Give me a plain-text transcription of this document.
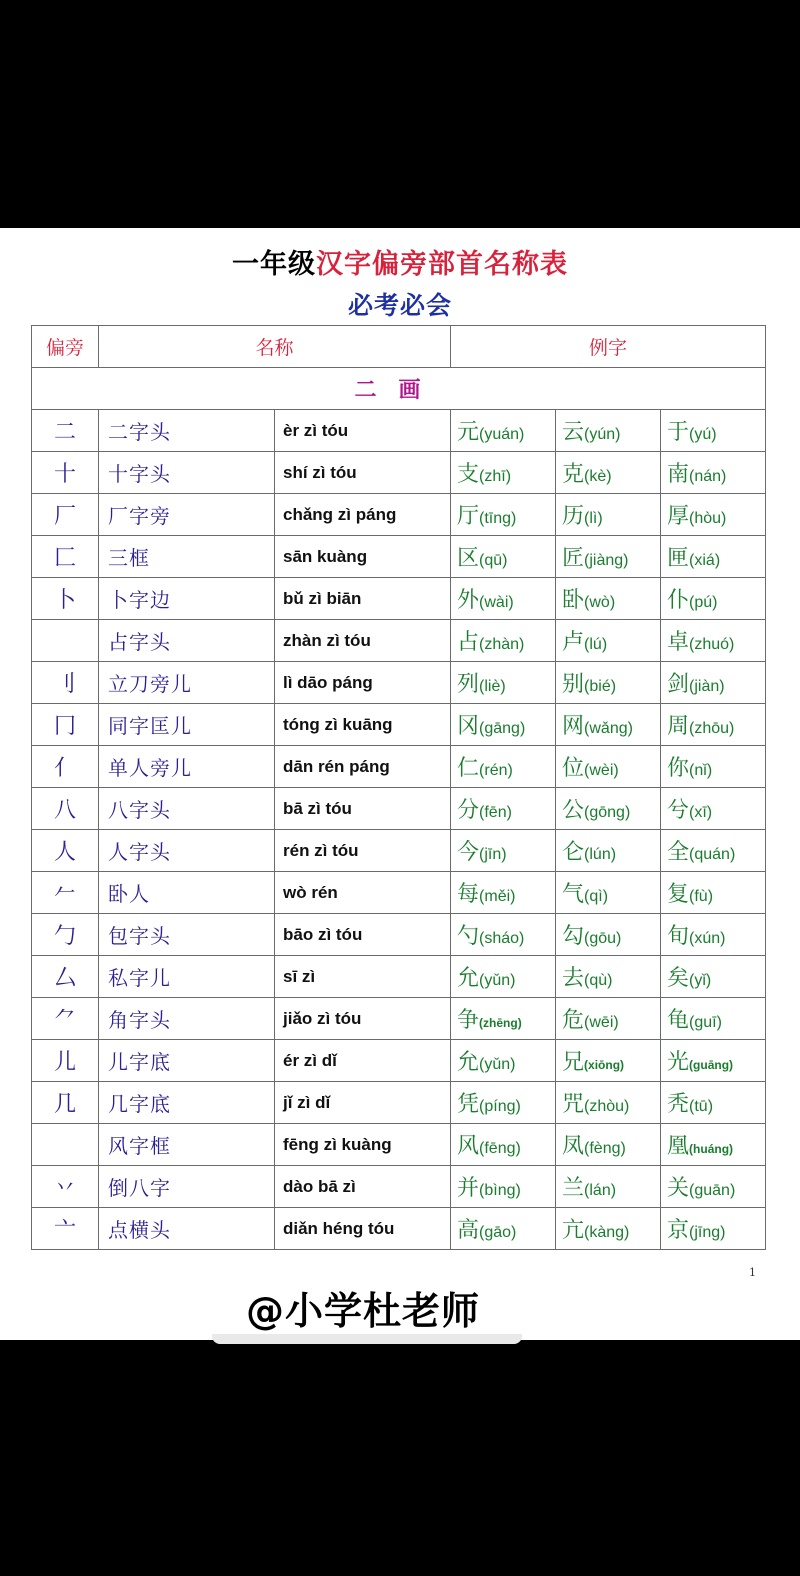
一年级汉字偏旁部首名称表
必考必会
偏旁	名称		例字		
二画					
二	二字头	èr zì tóu	元(yuán)	云(yún)	于(yú)
十	十字头	shí zì tóu	支(zhī)	克(kè)	南(nán)
厂	厂字旁	chǎng zì páng	厅(tīng)	历(lì)	厚(hòu)
匚	三框	sān kuàng	区(qū)	匠(jiàng)	匣(xiá)
卜	卜字边	bǔ zì biān	外(wài)	卧(wò)	仆(pú)
	占字头	zhàn zì tóu	占(zhàn)	卢(lú)	卓(zhuó)
刂	立刀旁儿	lì dāo páng	列(liè)	别(bié)	剑(jiàn)
冂	同字匡儿	tóng zì kuāng	冈(gāng)	网(wǎng)	周(zhōu)
亻	单人旁儿	dān rén páng	仁(rén)	位(wèi)	你(nǐ)
八	八字头	bā zì tóu	分(fēn)	公(gōng)	兮(xī)
人	人字头	rén zì tóu	今(jīn)	仑(lún)	全(quán)
𠂉	卧人	wò rén	每(měi)	气(qì)	复(fù)
勹	包字头	bāo zì tóu	勺(sháo)	勾(gōu)	旬(xún)
厶	私字儿	sī zì	允(yǔn)	去(qù)	矣(yǐ)
⺈	角字头	jiǎo zì tóu	争(zhēng)	危(wēi)	龟(guī)
儿	儿字底	ér zì dǐ	允(yǔn)	兄(xiōng)	光(guāng)
几	几字底	jǐ zì dǐ	凭(píng)	咒(zhòu)	秃(tū)
	风字框	fēng zì kuàng	风(fēng)	凤(fèng)	凰(huáng)
丷	倒八字	dào bā zì	并(bìng)	兰(lán)	关(guān)
亠	点横头	diǎn héng tóu	高(gāo)	亢(kàng)	京(jīng)
1
@小学杜老师
